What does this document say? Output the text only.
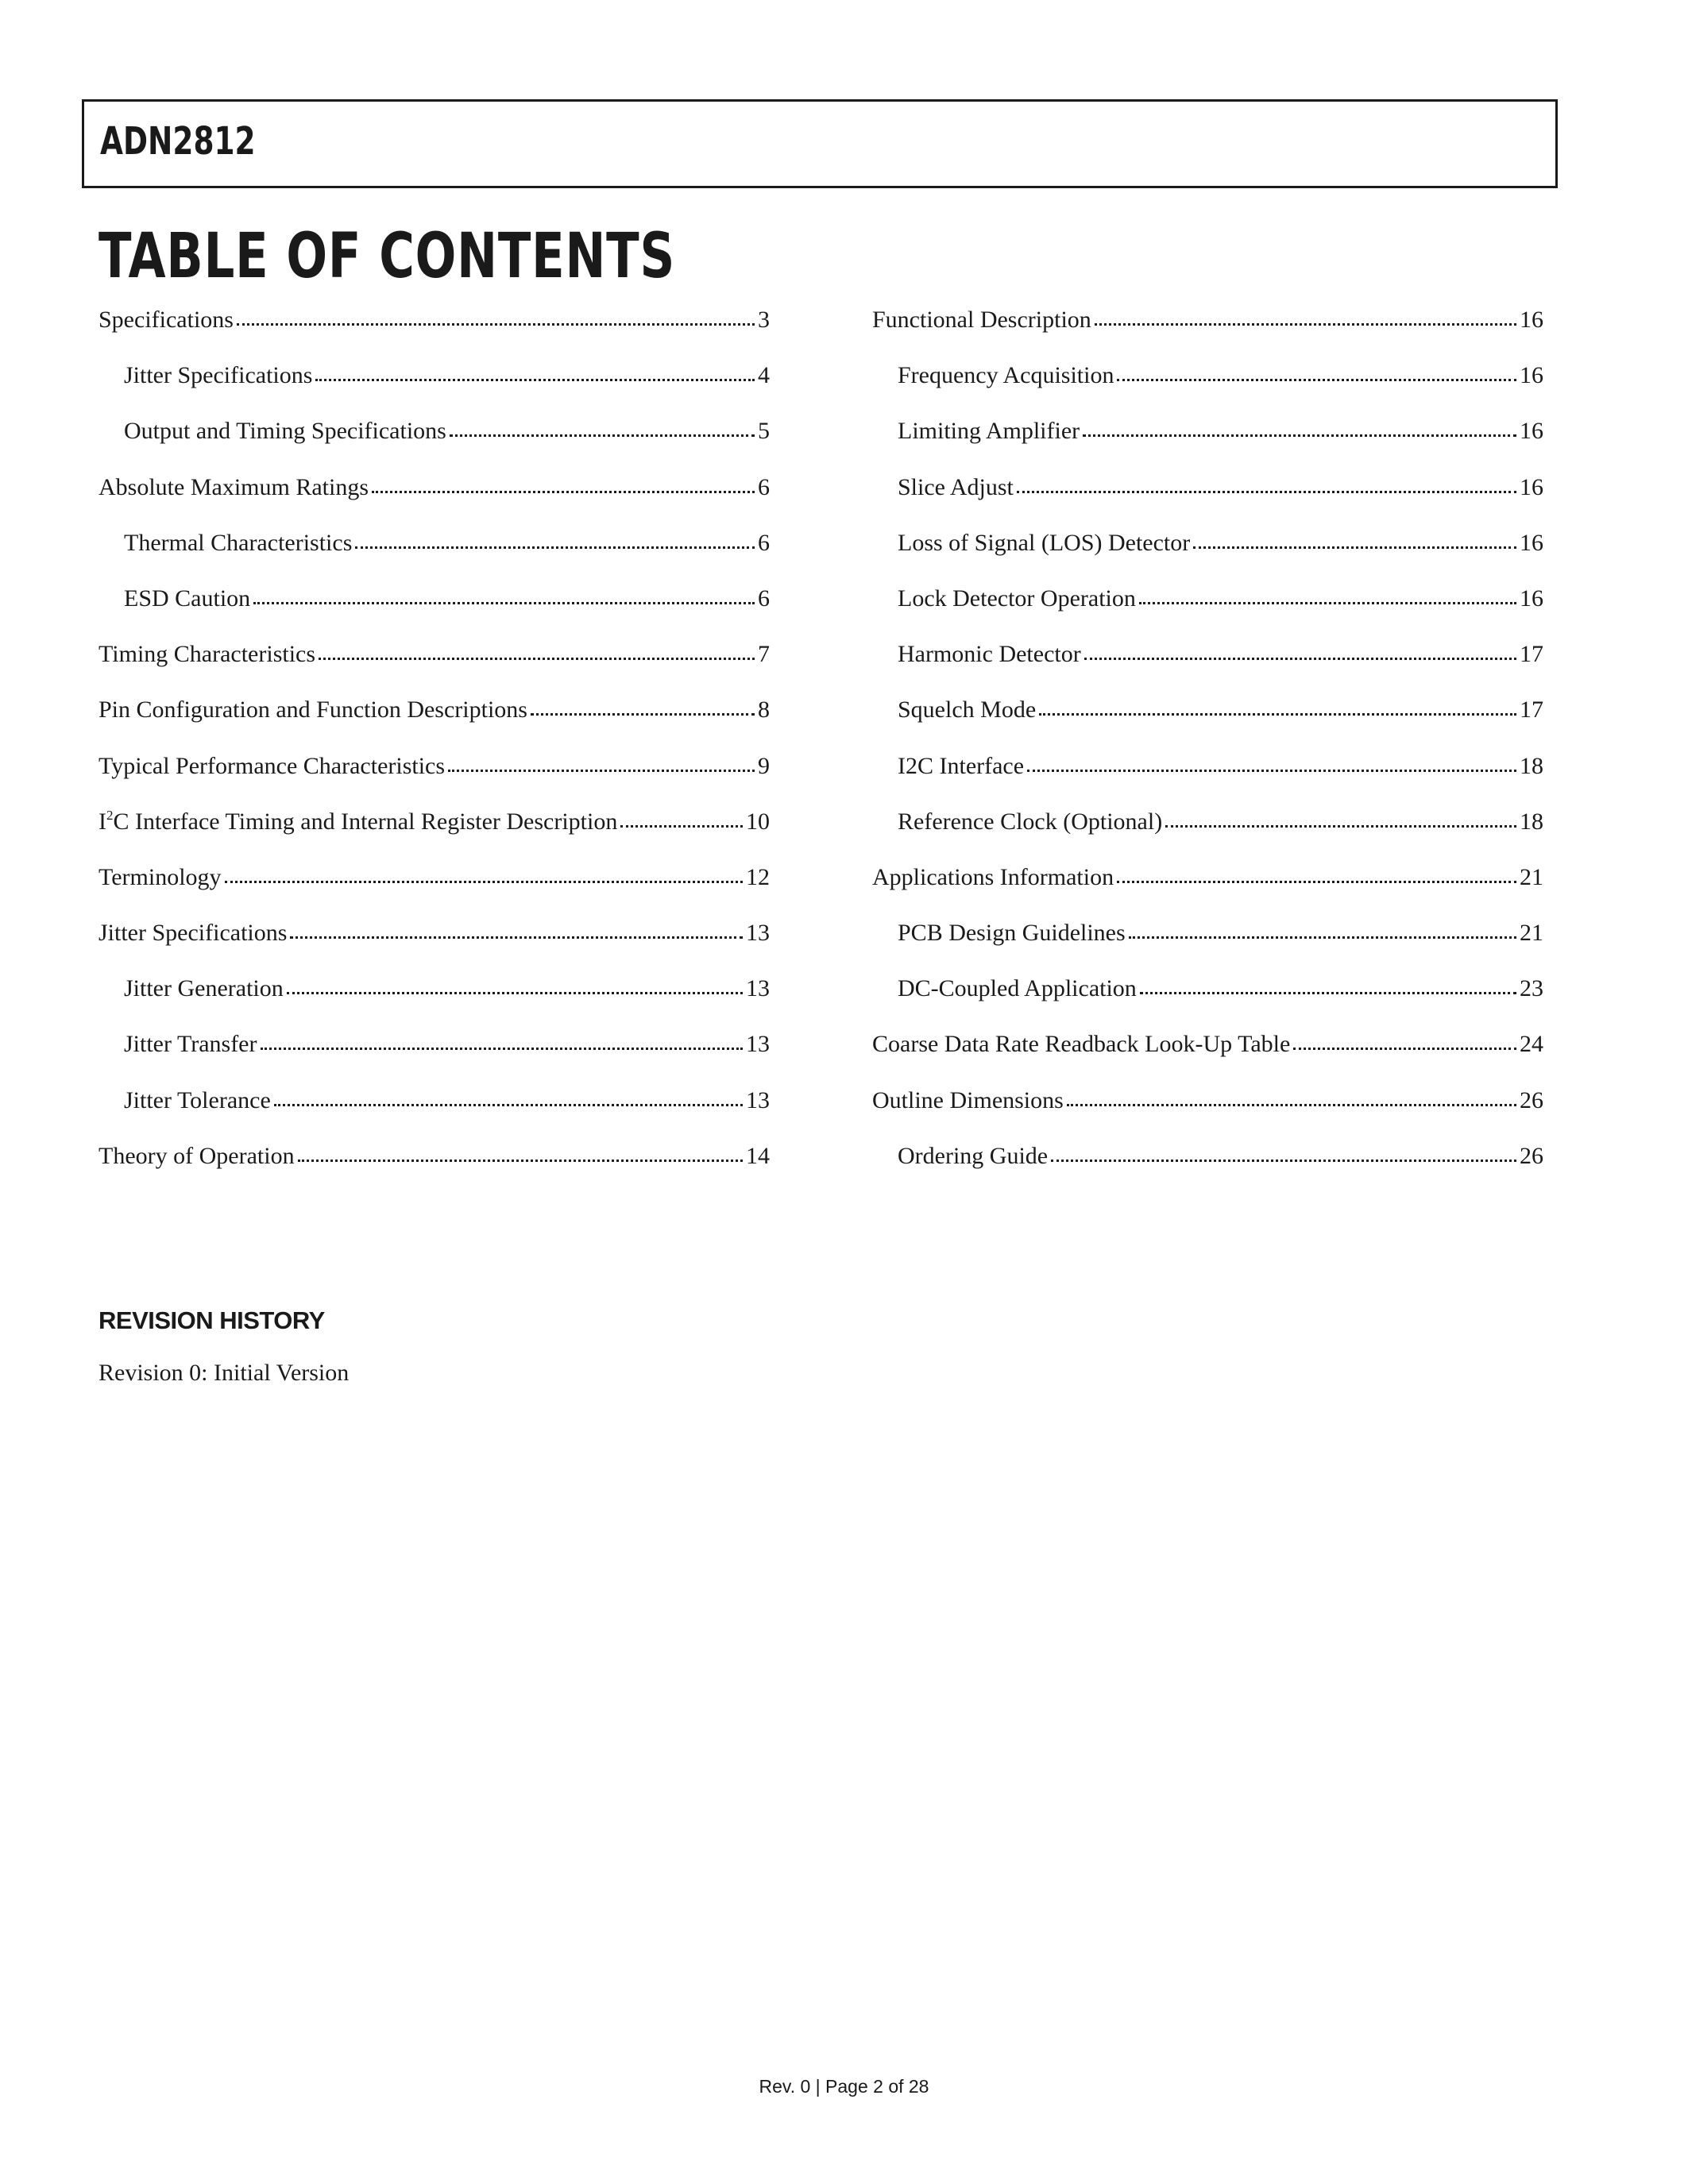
ADN2812
TABLE OF CONTENTS
Specifications	3
Jitter Specifications	4
Output and Timing Specifications	5
Absolute Maximum Ratings	6
Thermal Characteristics	6
ESD Caution	6
Timing Characteristics	7
Pin Configuration and Function Descriptions	8
Typical Performance Characteristics	9
$I^2C$ Interface Timing and Internal Register Description	10
Terminology	12
Jitter Specifications	13
Jitter Generation	13
Jitter Transfer	13
Jitter Tolerance	13
Theory of Operation	14
Functional Description	16
Frequency Acquisition	16
Limiting Amplifier	16
Slice Adjust	16
Loss of Signal (LOS) Detector	16
Lock Detector Operation	16
Harmonic Detector	17
Squelch Mode	17
I2C Interface	18
Reference Clock (Optional)	18
Applications Information	21
PCB Design Guidelines	21
DC-Coupled Application	23
Coarse Data Rate Readback Look-Up Table	24
Outline Dimensions	26
Ordering Guide	26
REVISION HISTORY
Revision 0: Initial Version
Rev. 0 | Page 2 of 28
